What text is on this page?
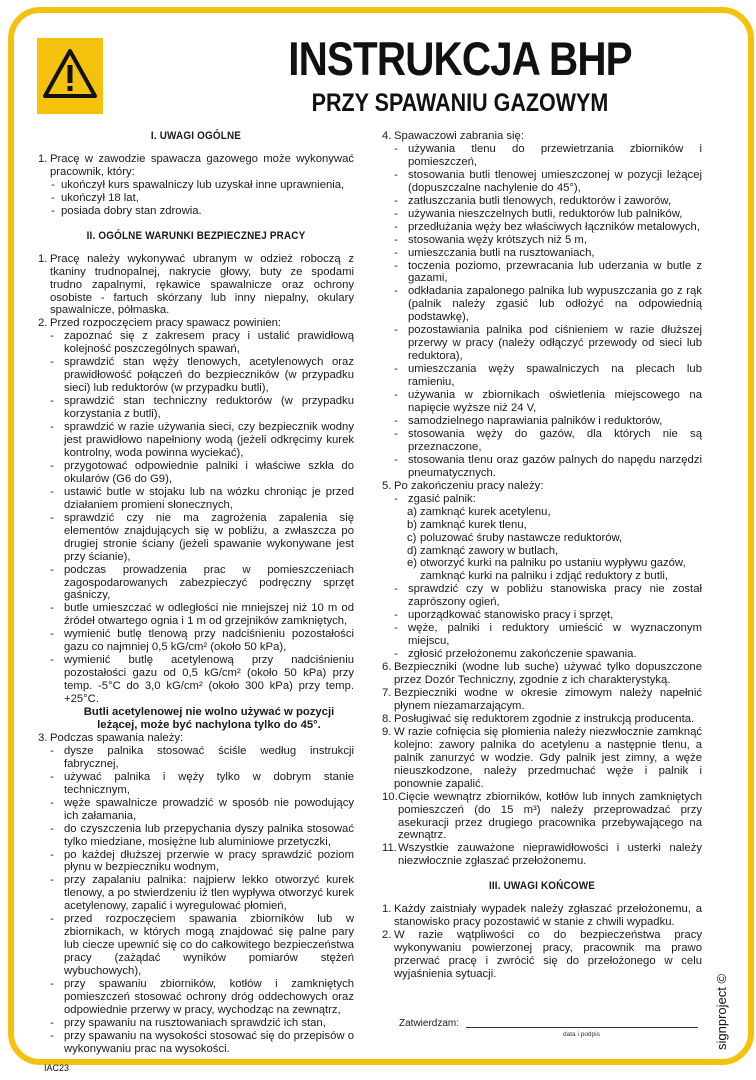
INSTRUKCJA BHP
PRZY SPAWANIU GAZOWYM
I. UWAGI OGÓLNE
1. Pracę w zawodzie spawacza gazowego może wykonywać pracownik, który:
- ukończył kurs spawalniczy lub uzyskał inne uprawnienia,
- ukończył 18 lat,
- posiada dobry stan zdrowia.
II. OGÓLNE WARUNKI BEZPIECZNEJ PRACY
1. Pracę należy wykonywać ubranym w odzież roboczą z tkaniny trudnopalnej, nakrycie głowy, buty ze spodami trudno zapalnymi, rękawice spawalnicze oraz ochrony osobiste - fartuch skórzany lub inny niepalny, okulary spawalnicze, półmaska.
2. Przed rozpoczęciem pracy spawacz powinien:
- zapoznać się z zakresem pracy i ustalić prawidłową kolejność poszczególnych spawań,
- sprawdzić stan węży tlenowych, acetylenowych oraz prawidłowość połączeń do bezpieczników (w przypadku sieci) lub reduktorów (w przypadku butli),
- sprawdzić stan techniczny reduktorów (w przypadku korzystania z butli),
- sprawdzić w razie używania sieci, czy bezpiecznik wodny jest prawidłowo napełniony wodą (jeżeli odkręcimy kurek kontrolny, woda powinna wyciekać),
- przygotować odpowiednie palniki i właściwe szkła do okularów (G6 do G9),
- ustawić butle w stojaku lub na wózku chroniąc je przed działaniem promieni słonecznych,
- sprawdzić czy nie ma zagrożenia zapalenia się elementów znajdujących się w pobliżu, a zwłaszcza po drugiej stronie ściany (jeżeli spawanie wykonywane jest przy ścianie),
- podczas prowadzenia prac w pomieszczeniach zagospodarowanych zabezpieczyć podręczny sprzęt gaśniczy,
- butle umieszczać w odległości nie mniejszej niż 10 m od źródeł otwartego ognia i 1 m od grzejników zamkniętych,
- wymienić butlę tlenową przy nadciśnieniu pozostałości gazu co najmniej 0,5 kG/cm² (około 50 kPa),
- wymienić butlę acetylenową przy nadciśnieniu pozostałości gazu od 0,5 kG/cm² (około 50 kPa) przy temp. -5°C do 3,0 kG/cm² (około 300 kPa) przy temp. +25°C.
Butli acetylenowej nie wolno używać w pozycji leżącej, może być nachylona tylko do 45°.
3. Podczas spawania należy:
- dysze palnika stosować ściśle według instrukcji fabrycznej,
- używać palnika i węży tylko w dobrym stanie technicznym,
- węże spawalnicze prowadzić w sposób nie powodujący ich załamania,
- do czyszczenia lub przepychania dyszy palnika stosować tylko miedziane, mosiężne lub aluminiowe przetyczki,
- po każdej dłuższej przerwie w pracy sprawdzić poziom płynu w bezpieczniku wodnym,
- przy zapalaniu palnika: najpierw lekko otworzyć kurek tlenowy, a po stwierdzeniu iż tlen wypływa otworzyć kurek acetylenowy, zapalić i wyregulować płomień,
- przed rozpoczęciem spawania zbiorników lub w zbiornikach, w których mogą znajdować się palne pary lub ciecze upewnić się co do całkowitego bezpieczeństwa pracy (zażądać wyników pomiarów stężeń wybuchowych),
- przy spawaniu zbiorników, kotłów i zamkniętych pomieszczeń stosować ochrony dróg oddechowych oraz odpowiednie przerwy w pracy, wychodząc na zewnątrz,
- przy spawaniu na rusztowaniach sprawdzić ich stan,
- przy spawaniu na wysokości stosować się do przepisów o wykonywaniu prac na wysokości.
4. Spawaczowi zabrania się:
- używania tlenu do przewietrzania zbiorników i pomieszczeń,
- stosowania butli tlenowej umieszczonej w pozycji leżącej (dopuszczalne nachylenie do 45°),
- zatłuszczania butli tlenowych, reduktorów i zaworów,
- używania nieszczelnych butli, reduktorów lub palników,
- przedłużania węży bez właściwych łączników metalowych,
- stosowania węży krótszych niż 5 m,
- umieszczania butli na rusztowaniach,
- toczenia poziomo, przewracania lub uderzania w butle z gazami,
- odkładania zapalonego palnika lub wypuszczania go z rąk (palnik należy zgasić lub odłożyć na odpowiednią podstawkę),
- pozostawiania palnika pod ciśnieniem w razie dłuższej przerwy w pracy (należy odłączyć przewody od sieci lub reduktora),
- umieszczania węży spawalniczych na plecach lub ramieniu,
- używania w zbiornikach oświetlenia miejscowego na napięcie wyższe niż 24 V,
- samodzielnego naprawiania palników i reduktorów,
- stosowania węży do gazów, dla których nie są przeznaczone,
- stosowania tlenu oraz gazów palnych do napędu narzędzi pneumatycznych.
5. Po zakończeniu pracy należy:
- zgasić palnik:
a) zamknąć kurek acetylenu,
b) zamknąć kurek tlenu,
c) poluzować śruby nastawcze reduktorów,
d) zamknąć zawory w butlach,
e) otworzyć kurki na palniku po ustaniu wypływu gazów, zamknąć kurki na palniku i zdjąć reduktory z butli,
- sprawdzić czy w pobliżu stanowiska pracy nie został zaprószony ogień,
- uporządkować stanowisko pracy i sprzęt,
- węże, palniki i reduktory umieścić w wyznaczonym miejscu,
- zgłosić przełożonemu zakończenie spawania.
6. Bezpieczniki (wodne lub suche) używać tylko dopuszczone przez Dozór Techniczny, zgodnie z ich charakterystyką.
7. Bezpieczniki wodne w okresie zimowym należy napełnić płynem niezamarzającym.
8. Posługiwać się reduktorem zgodnie z instrukcją producenta.
9. W razie cofnięcia się płomienia należy niezwłocznie zamknąć kolejno: zawory palnika do acetylenu a następnie tlenu, a palnik zanurzyć w wodzie. Gdy palnik jest zimny, a węże nieuszkodzone, należy przedmuchać węże i palnik i ponownie zapalić.
10. Cięcie wewnątrz zbiorników, kotłów lub innych zamkniętych pomieszczeń (do 15 m³) należy przeprowadzać przy asekuracji przez drugiego pracownika przebywającego na zewnątrz.
11. Wszystkie zauważone nieprawidłowości i usterki należy niezwłocznie zgłaszać przełożonemu.
III. UWAGI KOŃCOWE
1. Każdy zaistniały wypadek należy zgłaszać przełożonemu, a stanowisko pracy pozostawić w stanie z chwili wypadku.
2. W razie wątpliwości co do bezpieczeństwa pracy wykonywaniu powierzonej pracy, pracownik ma prawo przerwać pracę i zwrócić się do przełożonego w celu wyjaśnienia sytuacji.
Zatwierdzam:
data i podpis	signproject ©
IAC23
